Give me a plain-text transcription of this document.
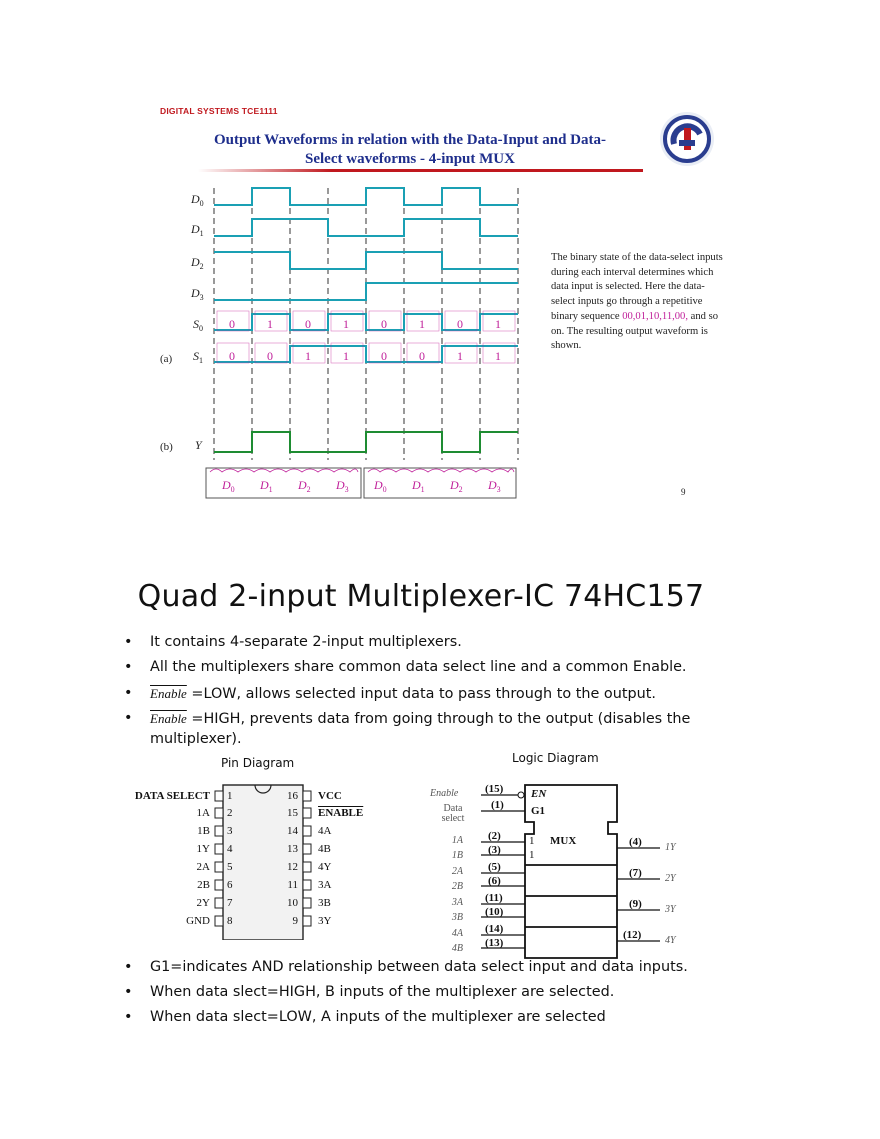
DIGITAL SYSTEMS TCE1111
Output Waveforms in relation with the Data-Input and Data-
Select waveforms - 4-input MUX
0
0
1
0
0
1
1
1
0
0
1
0
0
1
1
1
$D_0$
$D_1$
$D_2$
$D_3$
$S_0$
$S_1$
Y
(a)
(b)
$D_0$ $D_1$ $D_2$ $D_3$ $D_0$ $D_1$ $D_2$ $D_3$
The binary state of the data-select inputs during each interval determines which data input is selected. Here the data-select inputs go through a repetitive binary sequence 00,01,10,11,00, and so on. The resulting output waveform is shown.
9
Quad 2-input Multiplexer-IC 74HC157
• It contains 4-separate 2-input multiplexers.
• All the multiplexers share common data select line and a common Enable.
• Enable =LOW, allows selected input data to pass through to the output.
• Enable =HIGH, prevents data from going through to the output (disables the
multiplexer).
Pin Diagram	Logic Diagram
DATA SELECT
1A
1B
1Y
2A
2B
2Y
GND
1
2
3
4
5
6
7
8
16
15
14
13
12
11
10
9
VCC
ENABLE
4A
4B
4Y
3A
3B
3Y
Enable
Data select
(15)
(1)
EN
G1
MUX
1
1
1A
1B
2A
2B
3A
3B
4A
4B
(2)
(3)
(5)
(6)
(11)
(10)
(14)
(13)
(4)
(7)
(9)
(12)
1Y
2Y
3Y
4Y
• G1=indicates AND relationship between data select input and data inputs.
• When data slect=HIGH, B inputs of the multiplexer are selected.
• When data slect=LOW, A inputs of the multiplexer are selected
